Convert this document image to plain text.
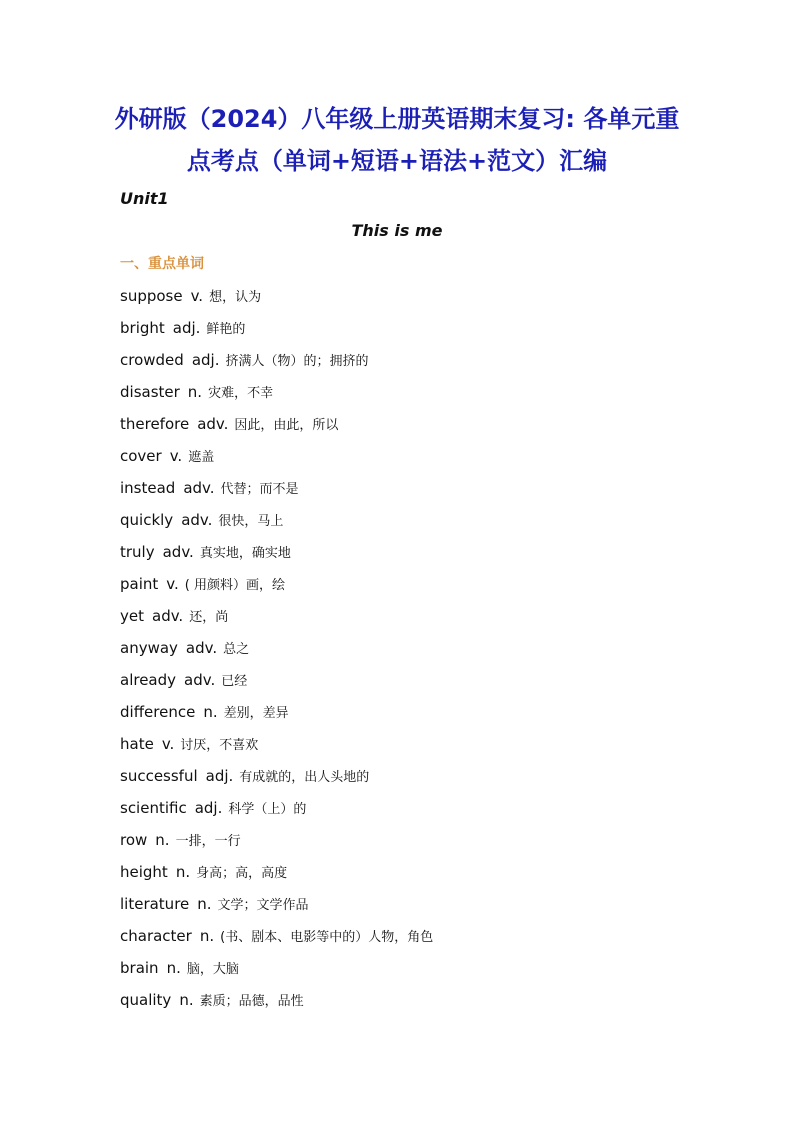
外研版（2024）八年级上册英语期末复习: 各单元重
点考点（单词+短语+语法+范文）汇编

Unit1

This is me

一、重点单词
suppose v. 想，认为
bright adj. 鲜艳的
crowded adj. 挤满人（物）的；拥挤的
disaster n. 灾难，不幸
therefore adv. 因此，由此，所以
cover v. 遮盖
instead adv. 代替；而不是
quickly adv. 很快，马上
truly adv. 真实地，确实地
paint v. ( 用颜料）画，绘
yet adv. 还，尚
anyway adv. 总之
already adv. 已经
difference n. 差别，差异
hate v. 讨厌，不喜欢
successful adj. 有成就的，出人头地的
scientific adj. 科学（上）的
row n. 一排，一行
height n. 身高；高，高度
literature n. 文学；文学作品
character n. (书、剧本、电影等中的）人物，角色
brain n. 脑，大脑
quality n. 素质；品德，品性
